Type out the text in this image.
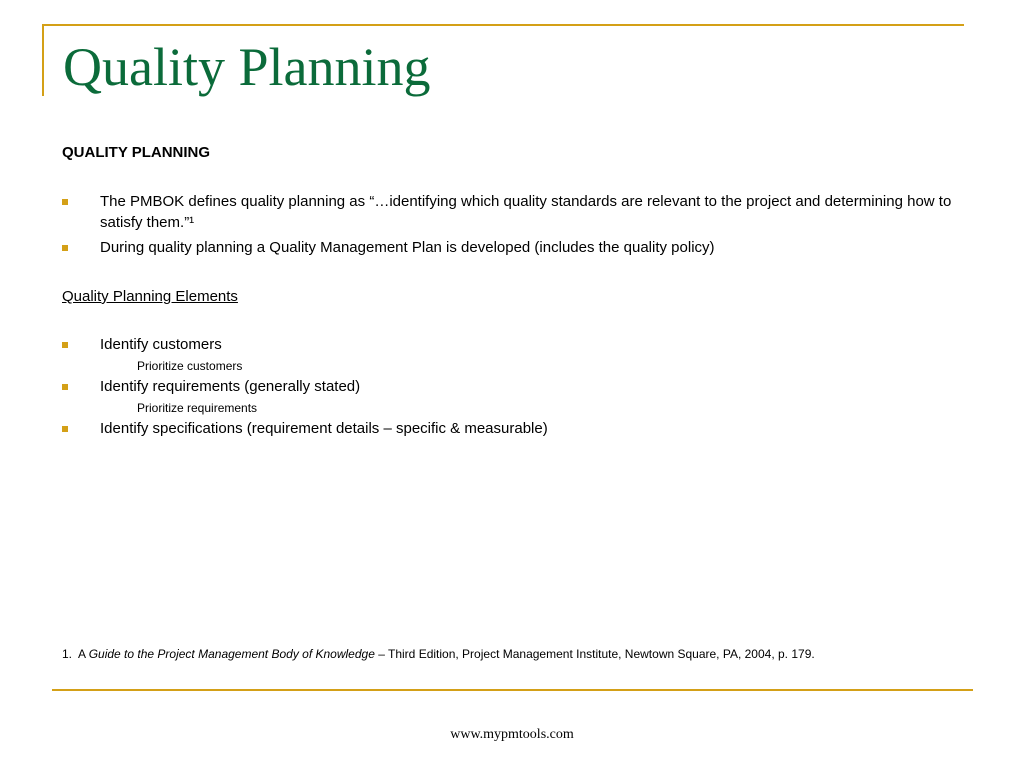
Quality Planning

QUALITY PLANNING

The PMBOK defines quality planning as “…identifying which quality standards are relevant to the project and determining how to satisfy them.”¹
During quality planning a Quality Management Plan is developed (includes the quality policy)

Quality Planning Elements

Identify customers
Prioritize customers
Identify requirements (generally stated)
Prioritize requirements
Identify specifications (requirement details – specific & measurable)
1.  A Guide to the Project Management Body of Knowledge – Third Edition, Project Management Institute, Newtown Square, PA, 2004, p. 179.
www.mypmtools.com
